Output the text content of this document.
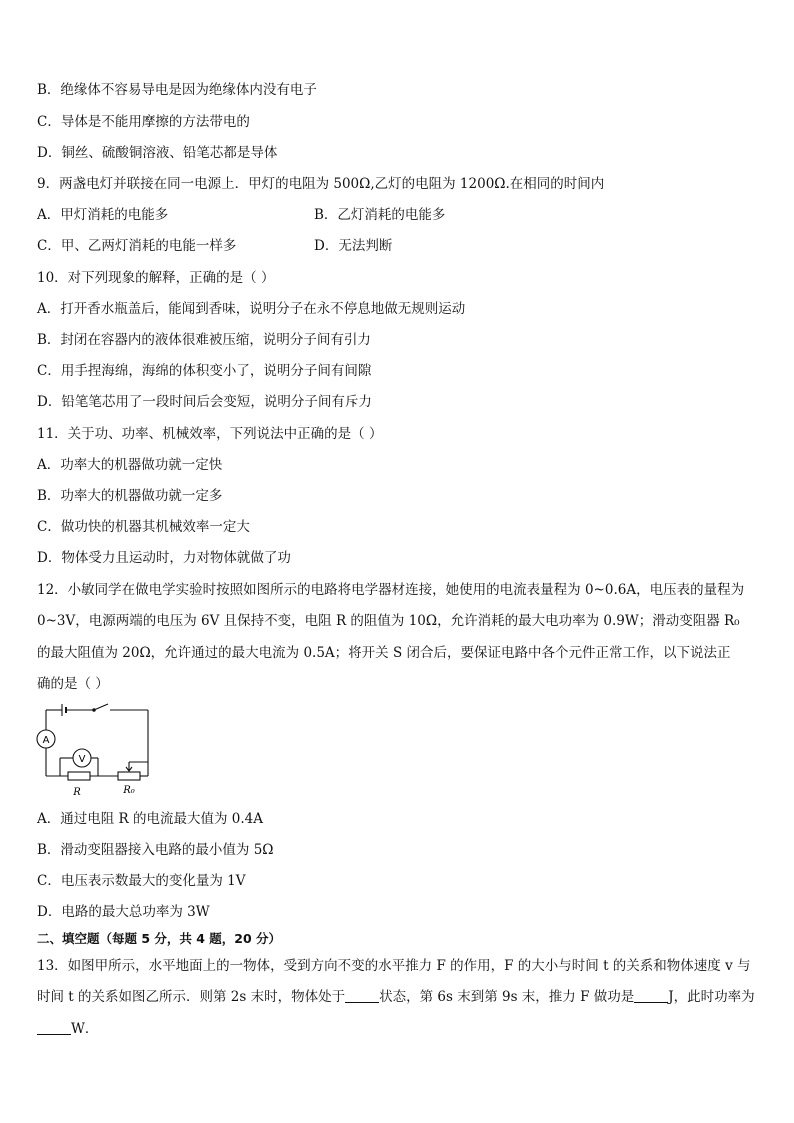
B．绝缘体不容易导电是因为绝缘体内没有电子
C．导体是不能用摩擦的方法带电的
D．铜丝、硫酸铜溶液、铅笔芯都是导体
9．两盏电灯并联接在同一电源上．甲灯的电阻为 500Ω,乙灯的电阻为 1200Ω.在相同的时间内
A．甲灯消耗的电能多	B．乙灯消耗的电能多
C．甲、乙两灯消耗的电能一样多	D．无法判断
10．对下列现象的解释，正确的是（ ）
A．打开香水瓶盖后，能闻到香味，说明分子在永不停息地做无规则运动
B．封闭在容器内的液体很难被压缩，说明分子间有引力
C．用手捏海绵，海绵的体积变小了，说明分子间有间隙
D．铅笔笔芯用了一段时间后会变短，说明分子间有斥力
11．关于功、功率、机械效率，下列说法中正确的是（ ）
A．功率大的机器做功就一定快
B．功率大的机器做功就一定多
C．做功快的机器其机械效率一定大
D．物体受力且运动时，力对物体就做了功
12．小敏同学在做电学实验时按照如图所示的电路将电学器材连接，她使用的电流表量程为 0~0.6A，电压表的量程为
0~3V，电源两端的电压为 6V 且保持不变，电阻 R 的阻值为 10Ω，允许消耗的最大电功率为 0.9W；滑动变阻器 R₀
的最大阻值为 20Ω，允许通过的最大电流为 0.5A；将开关 S 闭合后，要保证电路中各个元件正常工作，以下说法正
确的是（ ）
A
V
R	R₀
A．通过电阻 R 的电流最大值为 0.4A
B．滑动变阻器接入电路的最小值为 5Ω
C．电压表示数最大的变化量为 1V
D．电路的最大总功率为 3W
二、填空题（每题 5 分，共 4 题，20 分）
13．如图甲所示，水平地面上的一物体，受到方向不变的水平推力 F 的作用，F 的大小与时间 t 的关系和物体速度 v 与
时间 t 的关系如图乙所示．则第 2s 末时，物体处于	状态，第 6s 末到第 9s 末，推力 F 做功是	J，此时功率为
W．
